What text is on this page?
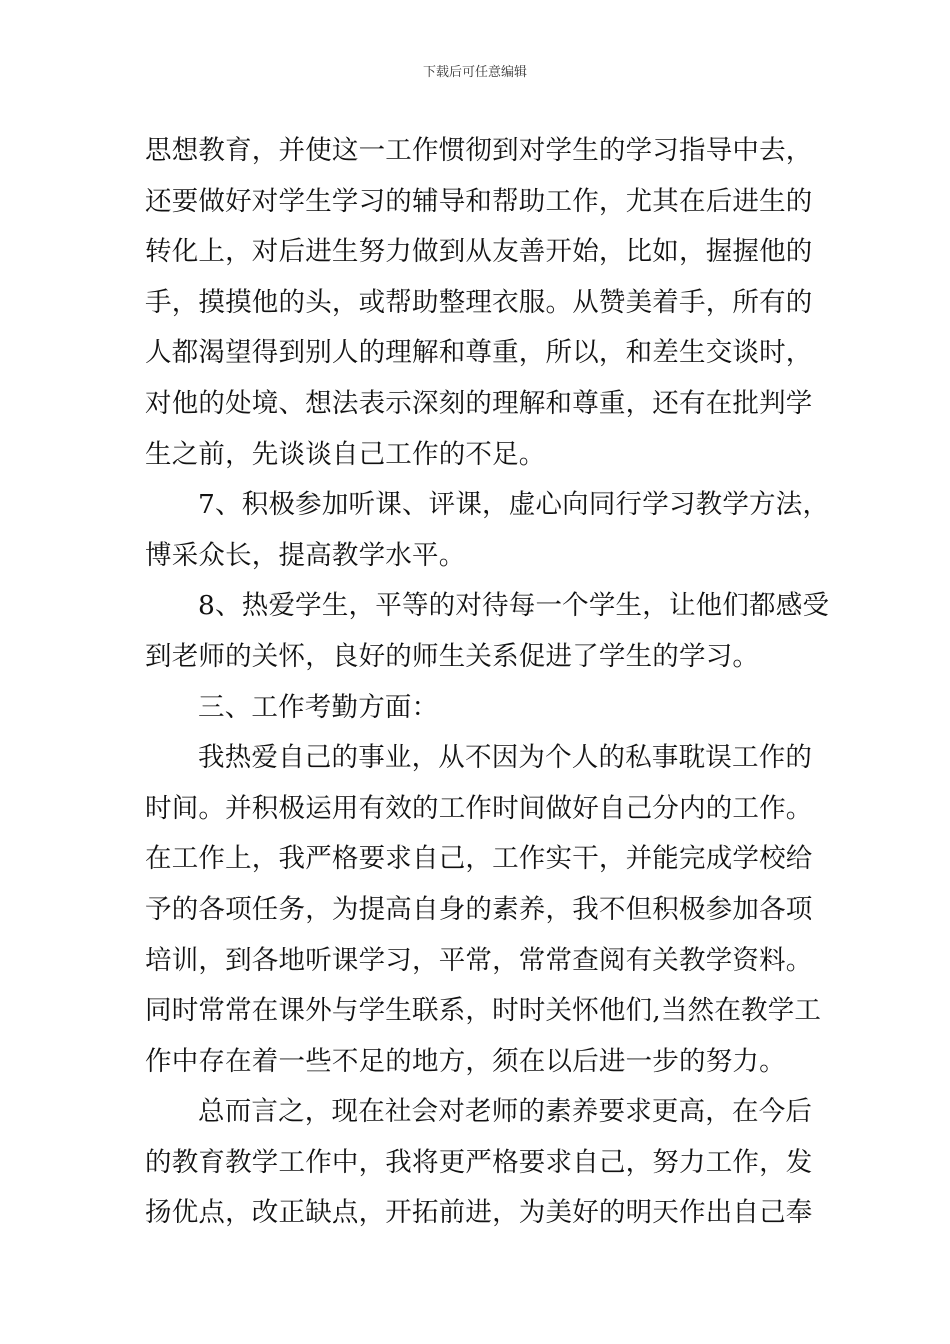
下载后可任意编辑
思想教育，并使这一工作惯彻到对学生的学习指导中去，
还要做好对学生学习的辅导和帮助工作，尤其在后进生的
转化上，对后进生努力做到从友善开始，比如，握握他的
手，摸摸他的头，或帮助整理衣服。从赞美着手，所有的
人都渴望得到别人的理解和尊重，所以，和差生交谈时，
对他的处境、想法表示深刻的理解和尊重，还有在批判学
生之前，先谈谈自己工作的不足。
7、积极参加听课、评课，虚心向同行学习教学方法，
博采众长，提高教学水平。
8、热爱学生，平等的对待每一个学生，让他们都感受
到老师的关怀，良好的师生关系促进了学生的学习。
三、工作考勤方面：
我热爱自己的事业，从不因为个人的私事耽误工作的
时间。并积极运用有效的工作时间做好自己分内的工作。
在工作上，我严格要求自己，工作实干，并能完成学校给
予的各项任务，为提高自身的素养，我不但积极参加各项
培训，到各地听课学习，平常，常常查阅有关教学资料。
同时常常在课外与学生联系，时时关怀他们,当然在教学工
作中存在着一些不足的地方，须在以后进一步的努力。
总而言之，现在社会对老师的素养要求更高，在今后
的教育教学工作中，我将更严格要求自己，努力工作，发
扬优点，改正缺点，开拓前进，为美好的明天作出自己奉
